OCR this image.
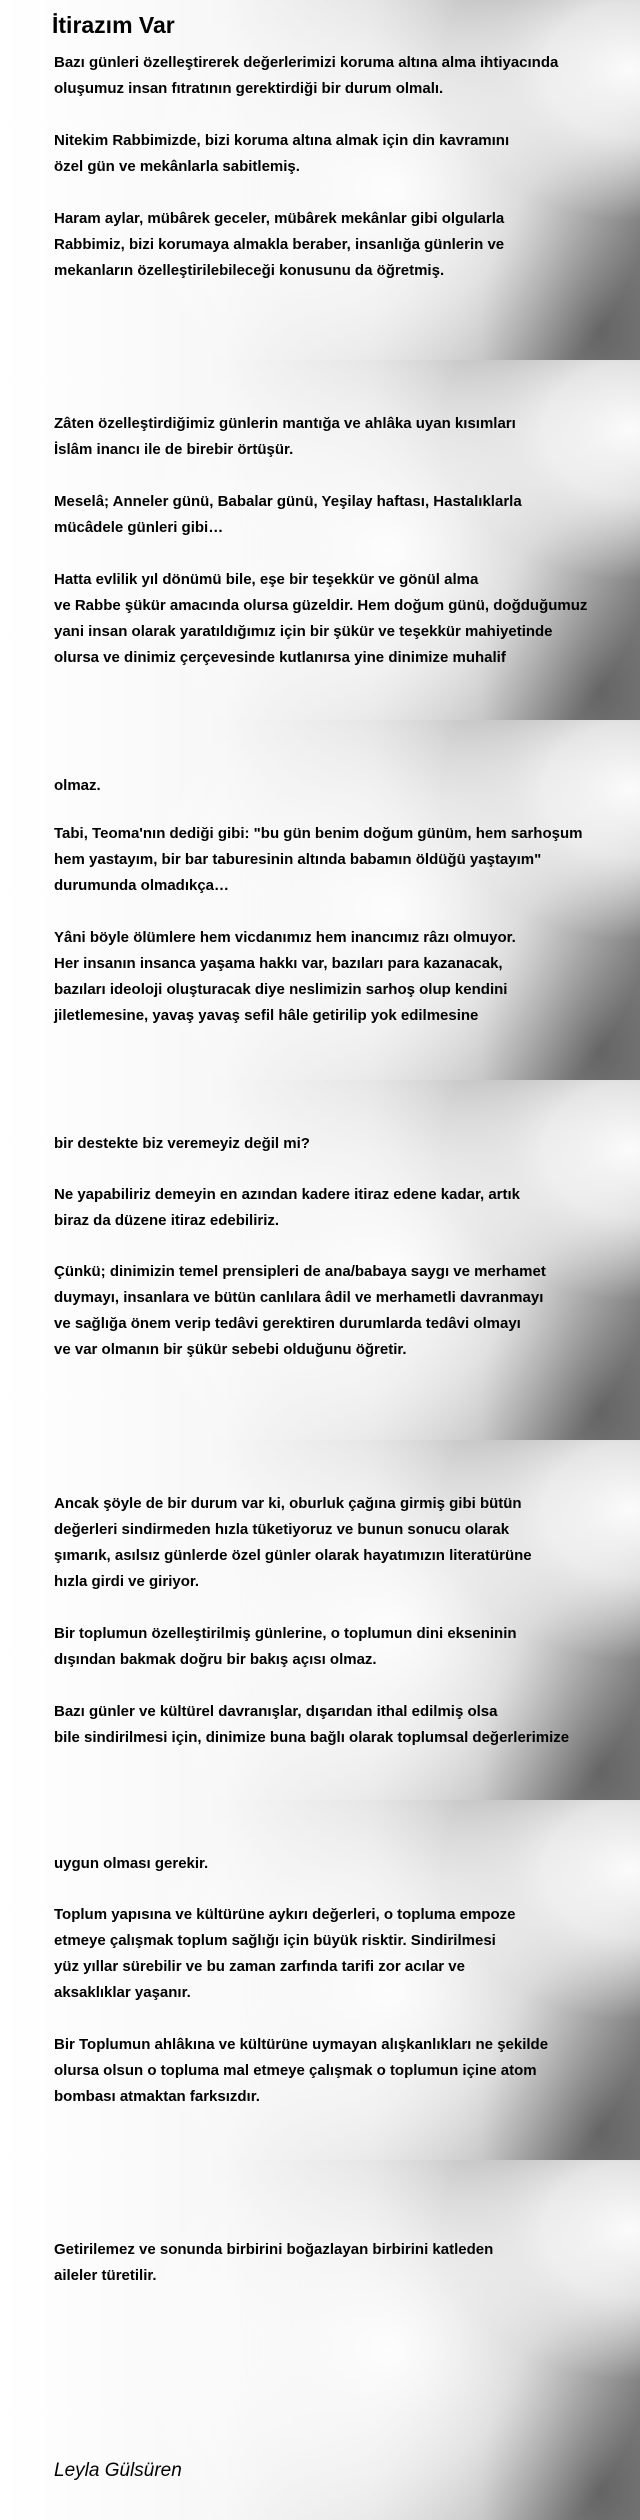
İtirazım Var
Bazı günleri özelleştirerek değerlerimizi koruma altına alma ihtiyacında
oluşumuz insan fıtratının gerektirdiği bir durum olmalı.
Nitekim Rabbimizde, bizi koruma altına almak için din kavramını
özel gün ve mekânlarla sabitlemiş.
Haram aylar, mübârek geceler, mübârek mekânlar gibi olgularla
Rabbimiz, bizi korumaya almakla beraber, insanlığa günlerin ve
mekanların özelleştirilebileceği konusunu da öğretmiş.
Zâten özelleştirdiğimiz günlerin mantığa ve ahlâka uyan kısımları
İslâm inancı ile de birebir örtüşür.
Meselâ; Anneler günü, Babalar günü, Yeşilay haftası, Hastalıklarla
mücâdele günleri gibi…
Hatta evlilik yıl dönümü bile, eşe bir teşekkür ve gönül alma
ve Rabbe şükür amacında olursa güzeldir. Hem doğum günü, doğduğumuz
yani insan olarak yaratıldığımız için bir şükür ve teşekkür mahiyetinde
olursa ve dinimiz çerçevesinde kutlanırsa yine dinimize muhalif
olmaz.
Tabi, Teoma'nın dediği gibi: "bu gün benim doğum günüm, hem sarhoşum
hem yastayım, bir bar taburesinin altında babamın öldüğü yaştayım"
durumunda olmadıkça…
Yâni böyle ölümlere hem vicdanımız hem inancımız râzı olmuyor.
Her insanın insanca yaşama hakkı var, bazıları para kazanacak,
bazıları ideoloji oluşturacak diye neslimizin sarhoş olup kendini
jiletlemesine, yavaş yavaş sefil hâle getirilip yok edilmesine
bir destekte biz veremeyiz değil mi?
Ne yapabiliriz demeyin en azından kadere itiraz edene kadar, artık
biraz da düzene itiraz edebiliriz.
Çünkü; dinimizin temel prensipleri de ana/babaya saygı ve merhamet
duymayı, insanlara ve bütün canlılara âdil ve merhametli davranmayı
ve sağlığa önem verip tedâvi gerektiren durumlarda tedâvi olmayı
ve var olmanın bir şükür sebebi olduğunu öğretir.
Ancak şöyle de bir durum var ki, oburluk çağına girmiş gibi bütün
değerleri sindirmeden hızla tüketiyoruz ve bunun sonucu olarak
şımarık, asılsız günlerde özel günler olarak hayatımızın literatürüne
hızla girdi ve giriyor.
Bir toplumun özelleştirilmiş günlerine, o toplumun dini ekseninin
dışından bakmak doğru bir bakış açısı olmaz.
Bazı günler ve kültürel davranışlar, dışarıdan ithal edilmiş olsa
bile sindirilmesi için, dinimize buna bağlı olarak toplumsal değerlerimize
uygun olması gerekir.
Toplum yapısına ve kültürüne aykırı değerleri, o topluma empoze
etmeye çalışmak toplum sağlığı için büyük risktir. Sindirilmesi
yüz yıllar sürebilir ve bu zaman zarfında tarifi zor acılar ve
aksaklıklar yaşanır.
Bir Toplumun ahlâkına ve kültürüne uymayan alışkanlıkları ne şekilde
olursa olsun o topluma mal etmeye çalışmak o toplumun içine atom
bombası atmaktan farksızdır.
Getirilemez ve sonunda birbirini boğazlayan birbirini katleden
aileler türetilir.
Leyla Gülsüren
